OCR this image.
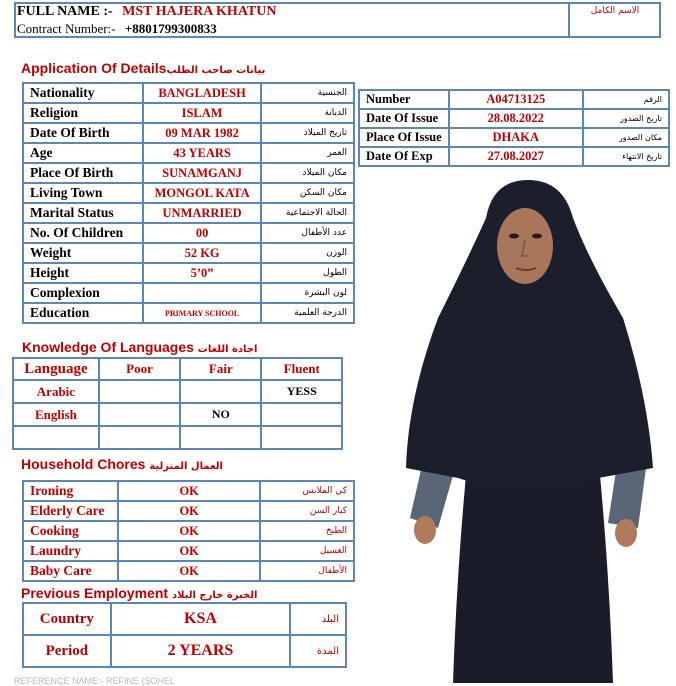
FULL NAME :- MST HAJERA KHATUN
Contract Number:- +8801799300833
الاسم الكامل
Application Of Detailsبيانات صاحب الطلب
Nationality	BANGLADESH	الجنسية
Religion	ISLAM	الديانة
Date Of Birth	09 MAR 1982	تاريخ الميلاد
Age	43 YEARS	العمر
Place Of Birth	SUNAMGANJ	مكان الميلاد
Living Town	MONGOL KATA	مكان السكن
Marital Status	UNMARRIED	الحالة الاجتماعية
No. Of Children	00	عدد الأطفال
Weight	52 KG	الوزن
Height	5’0”	الطول
Complexion		لون البشرة
Education	PRIMARY SCHOOL	الدرجة العلمية
Number	A04713125	الرقم
Date Of Issue	28.08.2022	تاريخ الصدور
Place Of Issue	DHAKA	مكان الصدور
Date Of Exp	27.08.2027	تاريخ الانتهاء
Knowledge Of Languages اجادة اللغات
Language	Poor	Fair	Fluent
Arabic			YESS
English		NO	

Household Chores العمال المنزلية
Ironing	OK	كي الملابس
Elderly Care	OK	كبار السن
Cooking	OK	الطبخ
Laundry	OK	الغسيل
Baby Care	OK	الأطفال
Previous Employment الخبرة خارج البلاد
Country	KSA	البلد
Period	2 YEARS	المدة
REFERENCE NAME:- REFINE (SOHEL
